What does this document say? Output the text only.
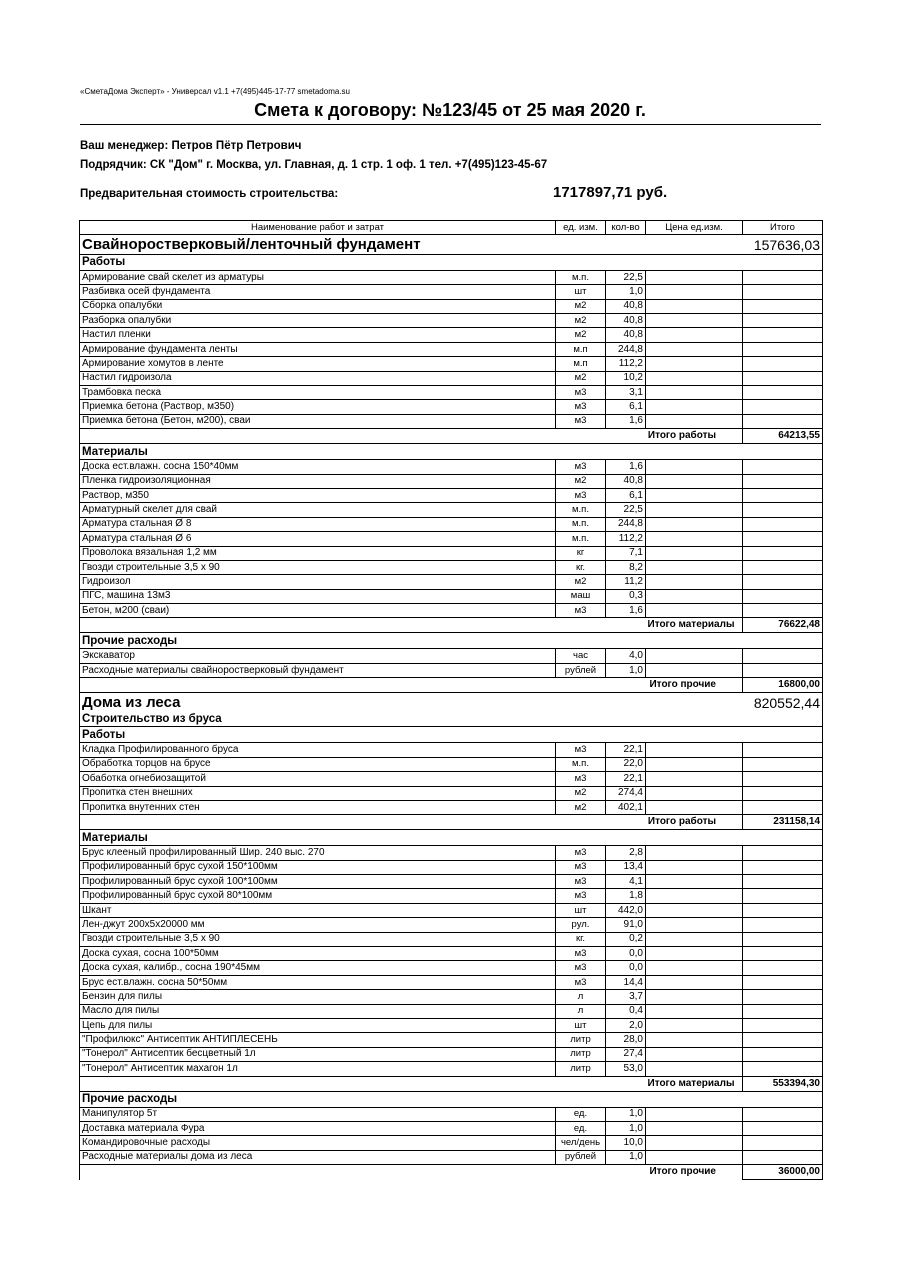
«СметаДома Эксперт» - Универсал v1.1 +7(495)445-17-77 smetadoma.su
Смета к договору: №123/45 от 25 мая 2020 г.
Ваш менеджер: Петров Пётр Петрович
Подрядчик: СК "Дом" г. Москва, ул. Главная, д. 1 стр. 1 оф. 1 тел. +7(495)123-45-67
Предварительная стоимость строительства:	1717897,71 руб.
Наименование работ и затрат	ед. изм.	кол-во	Цена ед.изм.	Итого
Свайноростверковый/ленточный фундамент				157636,03
Работы				
Армирование свай скелет из арматуры	м.п.	22,5		
Разбивка осей фундамента	шт	1,0		
Сборка опалубки	м2	40,8		
Разборка опалубки	м2	40,8		
Настил пленки	м2	40,8		
Армирование фундамента ленты	м.п	244,8		
Армирование хомутов в ленте	м.п	112,2		
Настил гидроизола	м2	10,2		
Трамбовка песка	м3	3,1		
Приемка бетона (Раствор, м350)	м3	6,1		
Приемка бетона (Бетон, м200), сваи	м3	1,6		
			Итого работы	64213,55
Материалы				
Доска ест.влажн. сосна 150*40мм	м3	1,6		
Пленка гидроизоляционная	м2	40,8		
Раствор, м350	м3	6,1		
Арматурный скелет для свай	м.п.	22,5		
Арматура стальная Ø 8	м.п.	244,8		
Арматура стальная Ø 6	м.п.	112,2		
Проволока вязальная 1,2 мм	кг	7,1		
Гвозди строительные 3,5 х 90	кг.	8,2		
Гидроизол	м2	11,2		
ПГС, машина 13м3	маш	0,3		
Бетон, м200 (сваи)	м3	1,6		
			Итого материалы	76622,48
Прочие расходы				
Экскаватор	час	4,0		
Расходные материалы свайноростверковый фундамент	рублей	1,0		
			Итого прочие	16800,00
Дома из леса				820552,44
Строительство из бруса				
Работы				
Кладка Профилированного бруса	м3	22,1		
Обработка торцов на брусе	м.п.	22,0		
Обаботка огнебиозащитой	м3	22,1		
Пропитка стен внешних	м2	274,4		
Пропитка внутенних стен	м2	402,1		
			Итого работы	231158,14
Материалы				
Брус клееный профилированный Шир. 240 выс. 270	м3	2,8		
Профилированный брус сухой 150*100мм	м3	13,4		
Профилированный брус сухой 100*100мм	м3	4,1		
Профилированный брус сухой 80*100мм	м3	1,8		
Шкант	шт	442,0		
Лен-джут 200х5х20000 мм	рул.	91,0		
Гвозди строительные 3,5 х 90	кг.	0,2		
Доска сухая, сосна 100*50мм	м3	0,0		
Доска сухая, калибр., сосна 190*45мм	м3	0,0		
Брус ест.влажн. сосна 50*50мм	м3	14,4		
Бензин для пилы	л	3,7		
Масло для пилы	л	0,4		
Цепь для пилы	шт	2,0		
"Профилюкс" Антисептик АНТИПЛЕСЕНЬ	литр	28,0		
"Тонерол" Антисептик бесцветный 1л	литр	27,4		
"Тонерол" Антисептик махагон 1л	литр	53,0		
			Итого материалы	553394,30
Прочие расходы				
Манипулятор 5т	ед.	1,0		
Доставка материала Фура	ед.	1,0		
Командировочные расходы	чел/день	10,0		
Расходные материалы дома из леса	рублей	1,0		
			Итого прочие	36000,00
